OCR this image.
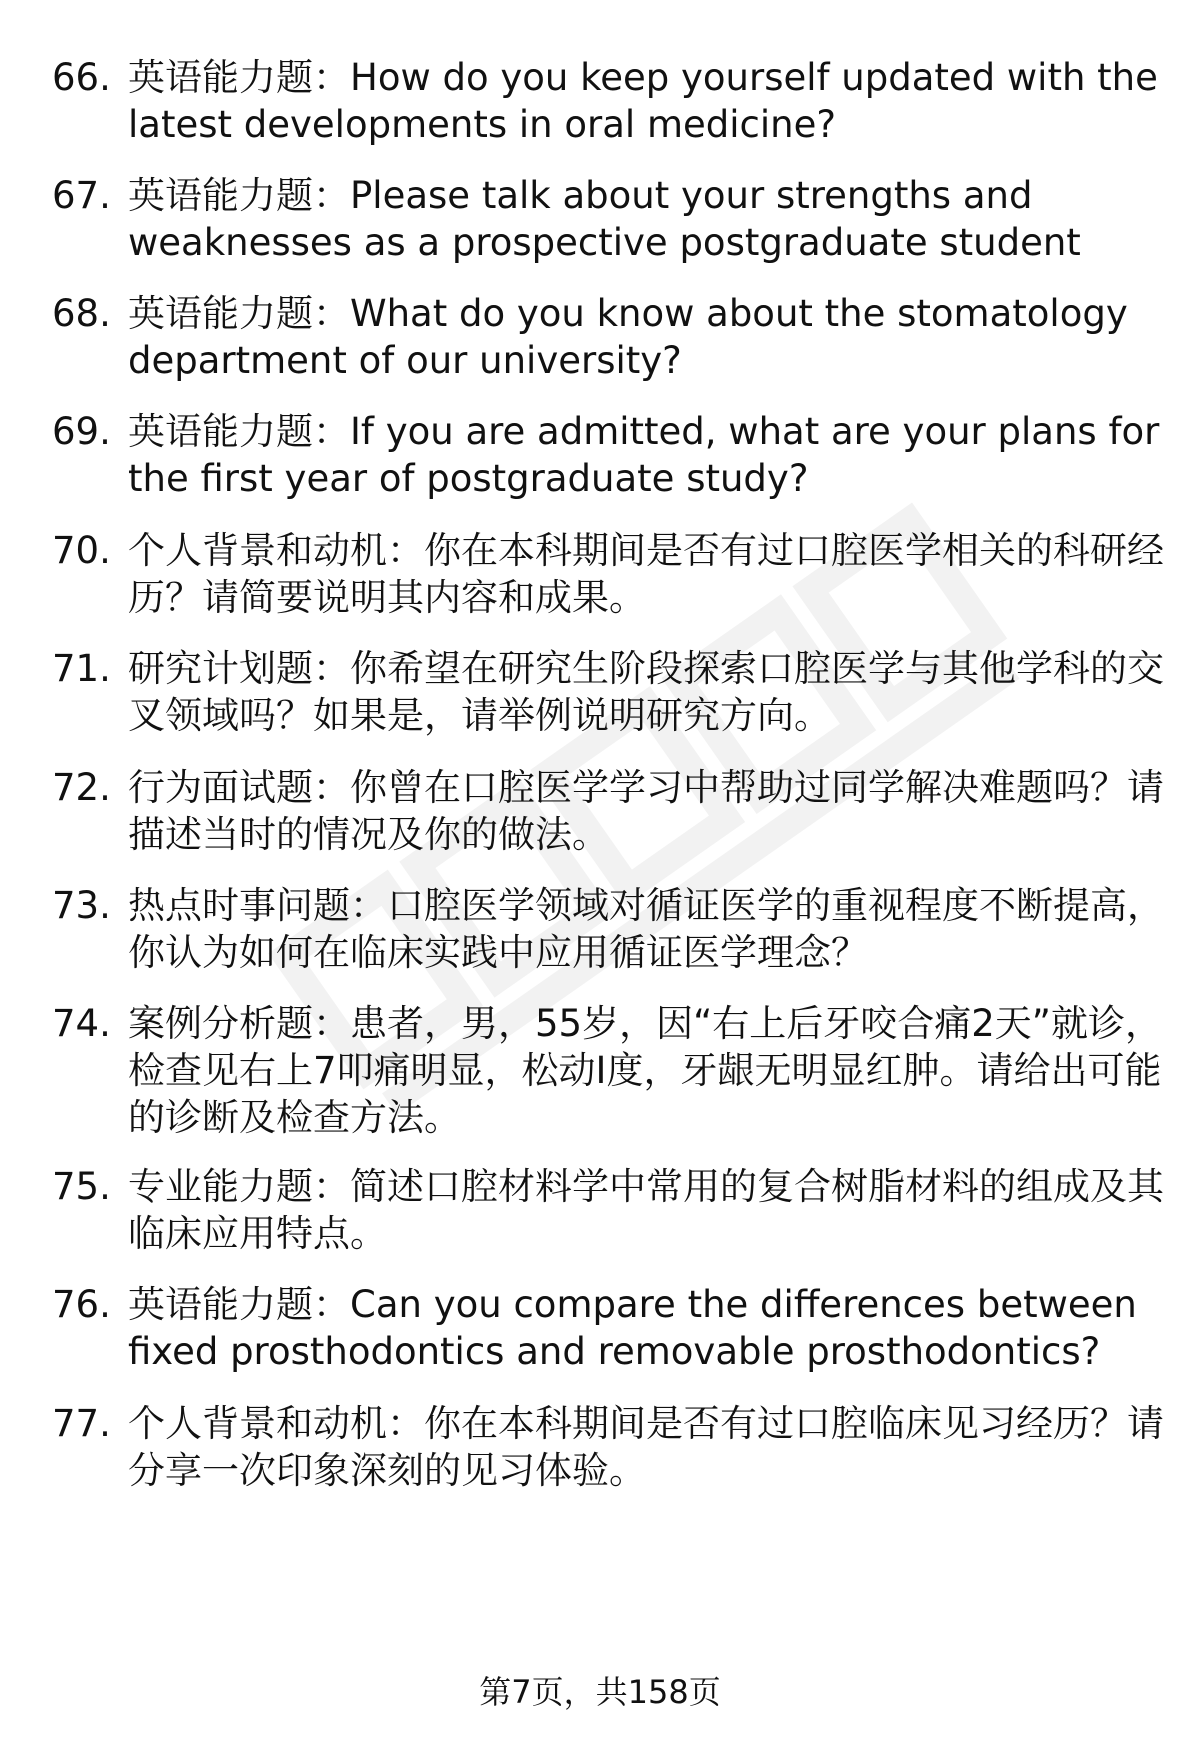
66. 英语能力题：How do you keep yourself updated with the latest developments in oral medicine?
67. 英语能力题：Please talk about your strengths and weaknesses as a prospective postgraduate student
68. 英语能力题：What do you know about the stomatology department of our university?
69. 英语能力题：If you are admitted, what are your plans for the first year of postgraduate study?
70. 个人背景和动机：你在本科期间是否有过口腔医学相关的科研经历？请简要说明其内容和成果。
71. 研究计划题：你希望在研究生阶段探索口腔医学与其他学科的交叉领域吗？如果是，请举例说明研究方向。
72. 行为面试题：你曾在口腔医学学习中帮助过同学解决难题吗？请描述当时的情况及你的做法。
73. 热点时事问题：口腔医学领域对循证医学的重视程度不断提高，你认为如何在临床实践中应用循证医学理念？
74. 案例分析题：患者，男，55岁，因“右上后牙咬合痛2天”就诊，检查见右上7叩痛明显，松动Ⅰ度，牙龈无明显红肿。请给出可能的诊断及检查方法。
75. 专业能力题：简述口腔材料学中常用的复合树脂材料的组成及其临床应用特点。
76. 英语能力题：Can you compare the differences between fixed prosthodontics and removable prosthodontics?
77. 个人背景和动机：你在本科期间是否有过口腔临床见习经历？请分享一次印象深刻的见习体验。
第7页，共158页
